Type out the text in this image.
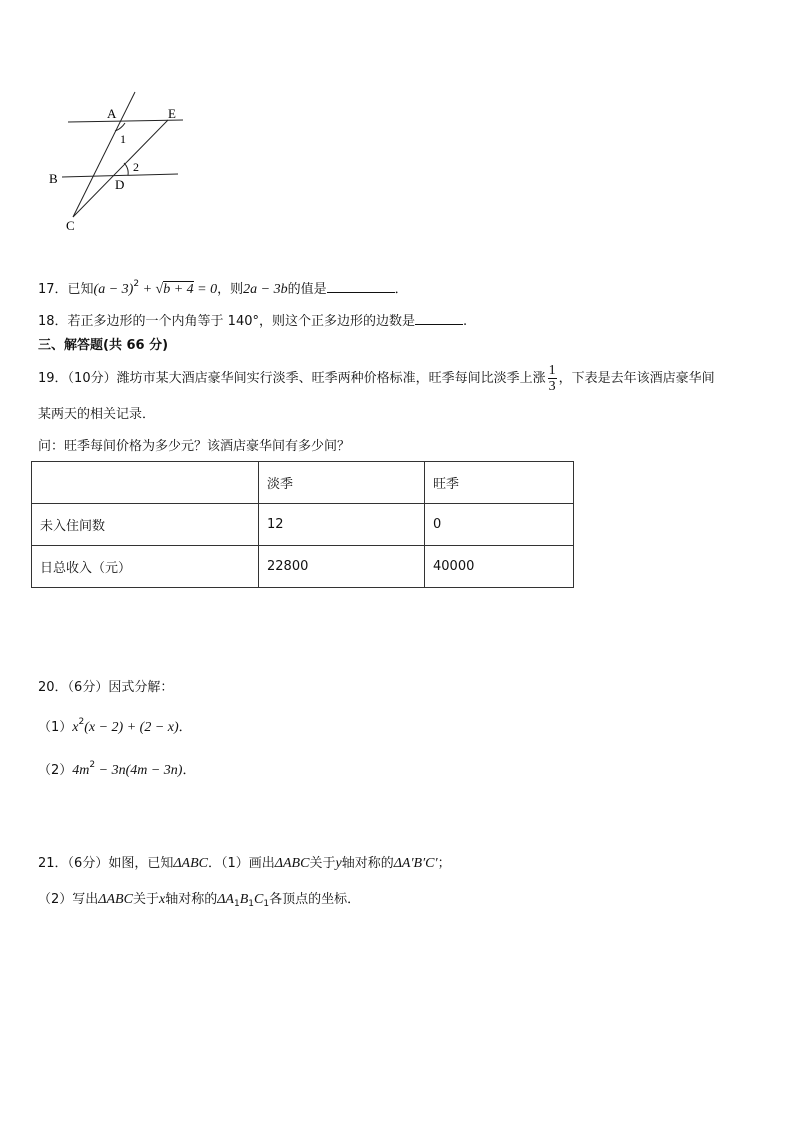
A	E
B	D
C
1
2
17．已知$(a - 3)^2 + √b + 4 = 0$，则2a − 3b的值是	．
18．若正多边形的一个内角等于 140°，则这个正多边形的边数是	.
三、解答题(共 66 分)
19．（10分）潍坊市某大酒店豪华间实行淡季、旺季两种价格标准，旺季每间比淡季上涨 $\frac{1}{3}$ ，下表是去年该酒店豪华间
某两天的相关记录．
问：旺季每间价格为多少元？该酒店豪华间有多少间？
	淡季	旺季
未入住间数	12	0
日总收入（元）	22800	40000
20．（6分）因式分解：
$(1)x^2(x - 2) + (2 - x)$．
$(2)4m^2 - 3n(4m - 3n)$．
21．（6分）如图，已知ΔABC．（1）画出ΔABC关于y轴对称的ΔA′B′C′；
（2）写出ΔABC关于x轴对称的$\Delta A_1B_1C_1$各顶点的坐标．
